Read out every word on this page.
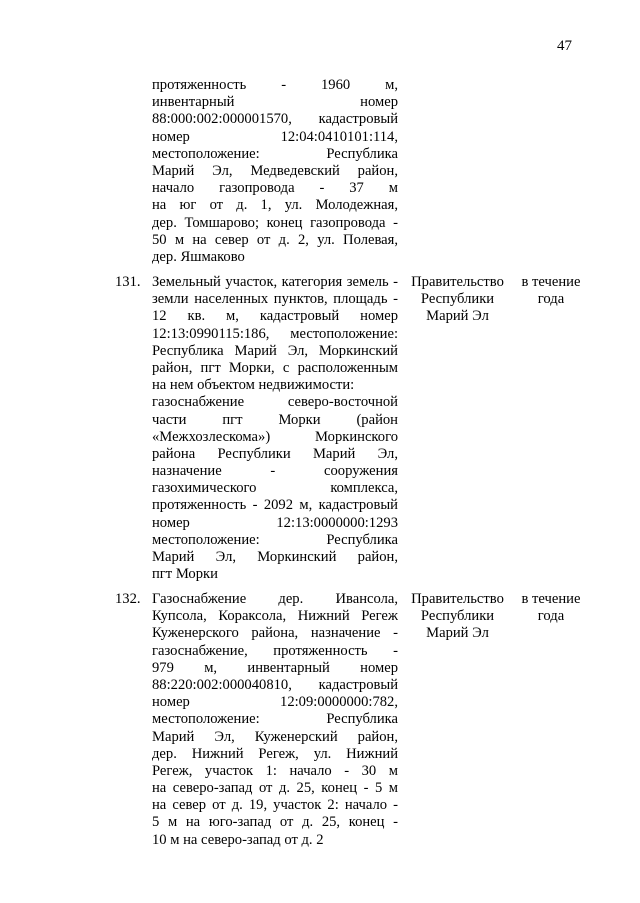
47
протяженность - 1960 м,
инвентарный номер
88:000:002:000001570, кадастровый
номер 12:04:0410101:114,
местоположение: Республика
Марий Эл, Медведевский район,
начало газопровода - 37 м
на юг от д. 1, ул. Молодежная,
дер. Томшарово; конец газопровода -
50 м на север от д. 2, ул. Полевая,
дер. Яшмаково
131. Земельный участок, категория земель -
земли населенных пунктов, площадь -
12 кв. м, кадастровый номер
12:13:0990115:186, местоположение:
Республика Марий Эл, Моркинский
район, пгт Морки, с расположенным
на нем объектом недвижимости:
газоснабжение северо-восточной
части пгт Морки (район
«Межхозлескома») Моркинского
района Республики Марий Эл,
назначение - сооружения
газохимического комплекса,
протяженность - 2092 м, кадастровый
номер 12:13:0000000:1293
местоположение: Республика
Марий Эл, Моркинский район,
пгт Морки
Правительство
Республики
Марий Эл
в течение
года
132. Газоснабжение дер. Ивансола,
Купсола, Кораксола, Нижний Регеж
Куженерского района, назначение -
газоснабжение, протяженность -
979 м, инвентарный номер
88:220:002:000040810, кадастровый
номер 12:09:0000000:782,
местоположение: Республика
Марий Эл, Куженерский район,
дер. Нижний Регеж, ул. Нижний
Регеж, участок 1: начало - 30 м
на северо-запад от д. 25, конец - 5 м
на север от д. 19, участок 2: начало -
5 м на юго-запад от д. 25, конец -
10 м на северо-запад от д. 2
Правительство
Республики
Марий Эл
в течение
года
